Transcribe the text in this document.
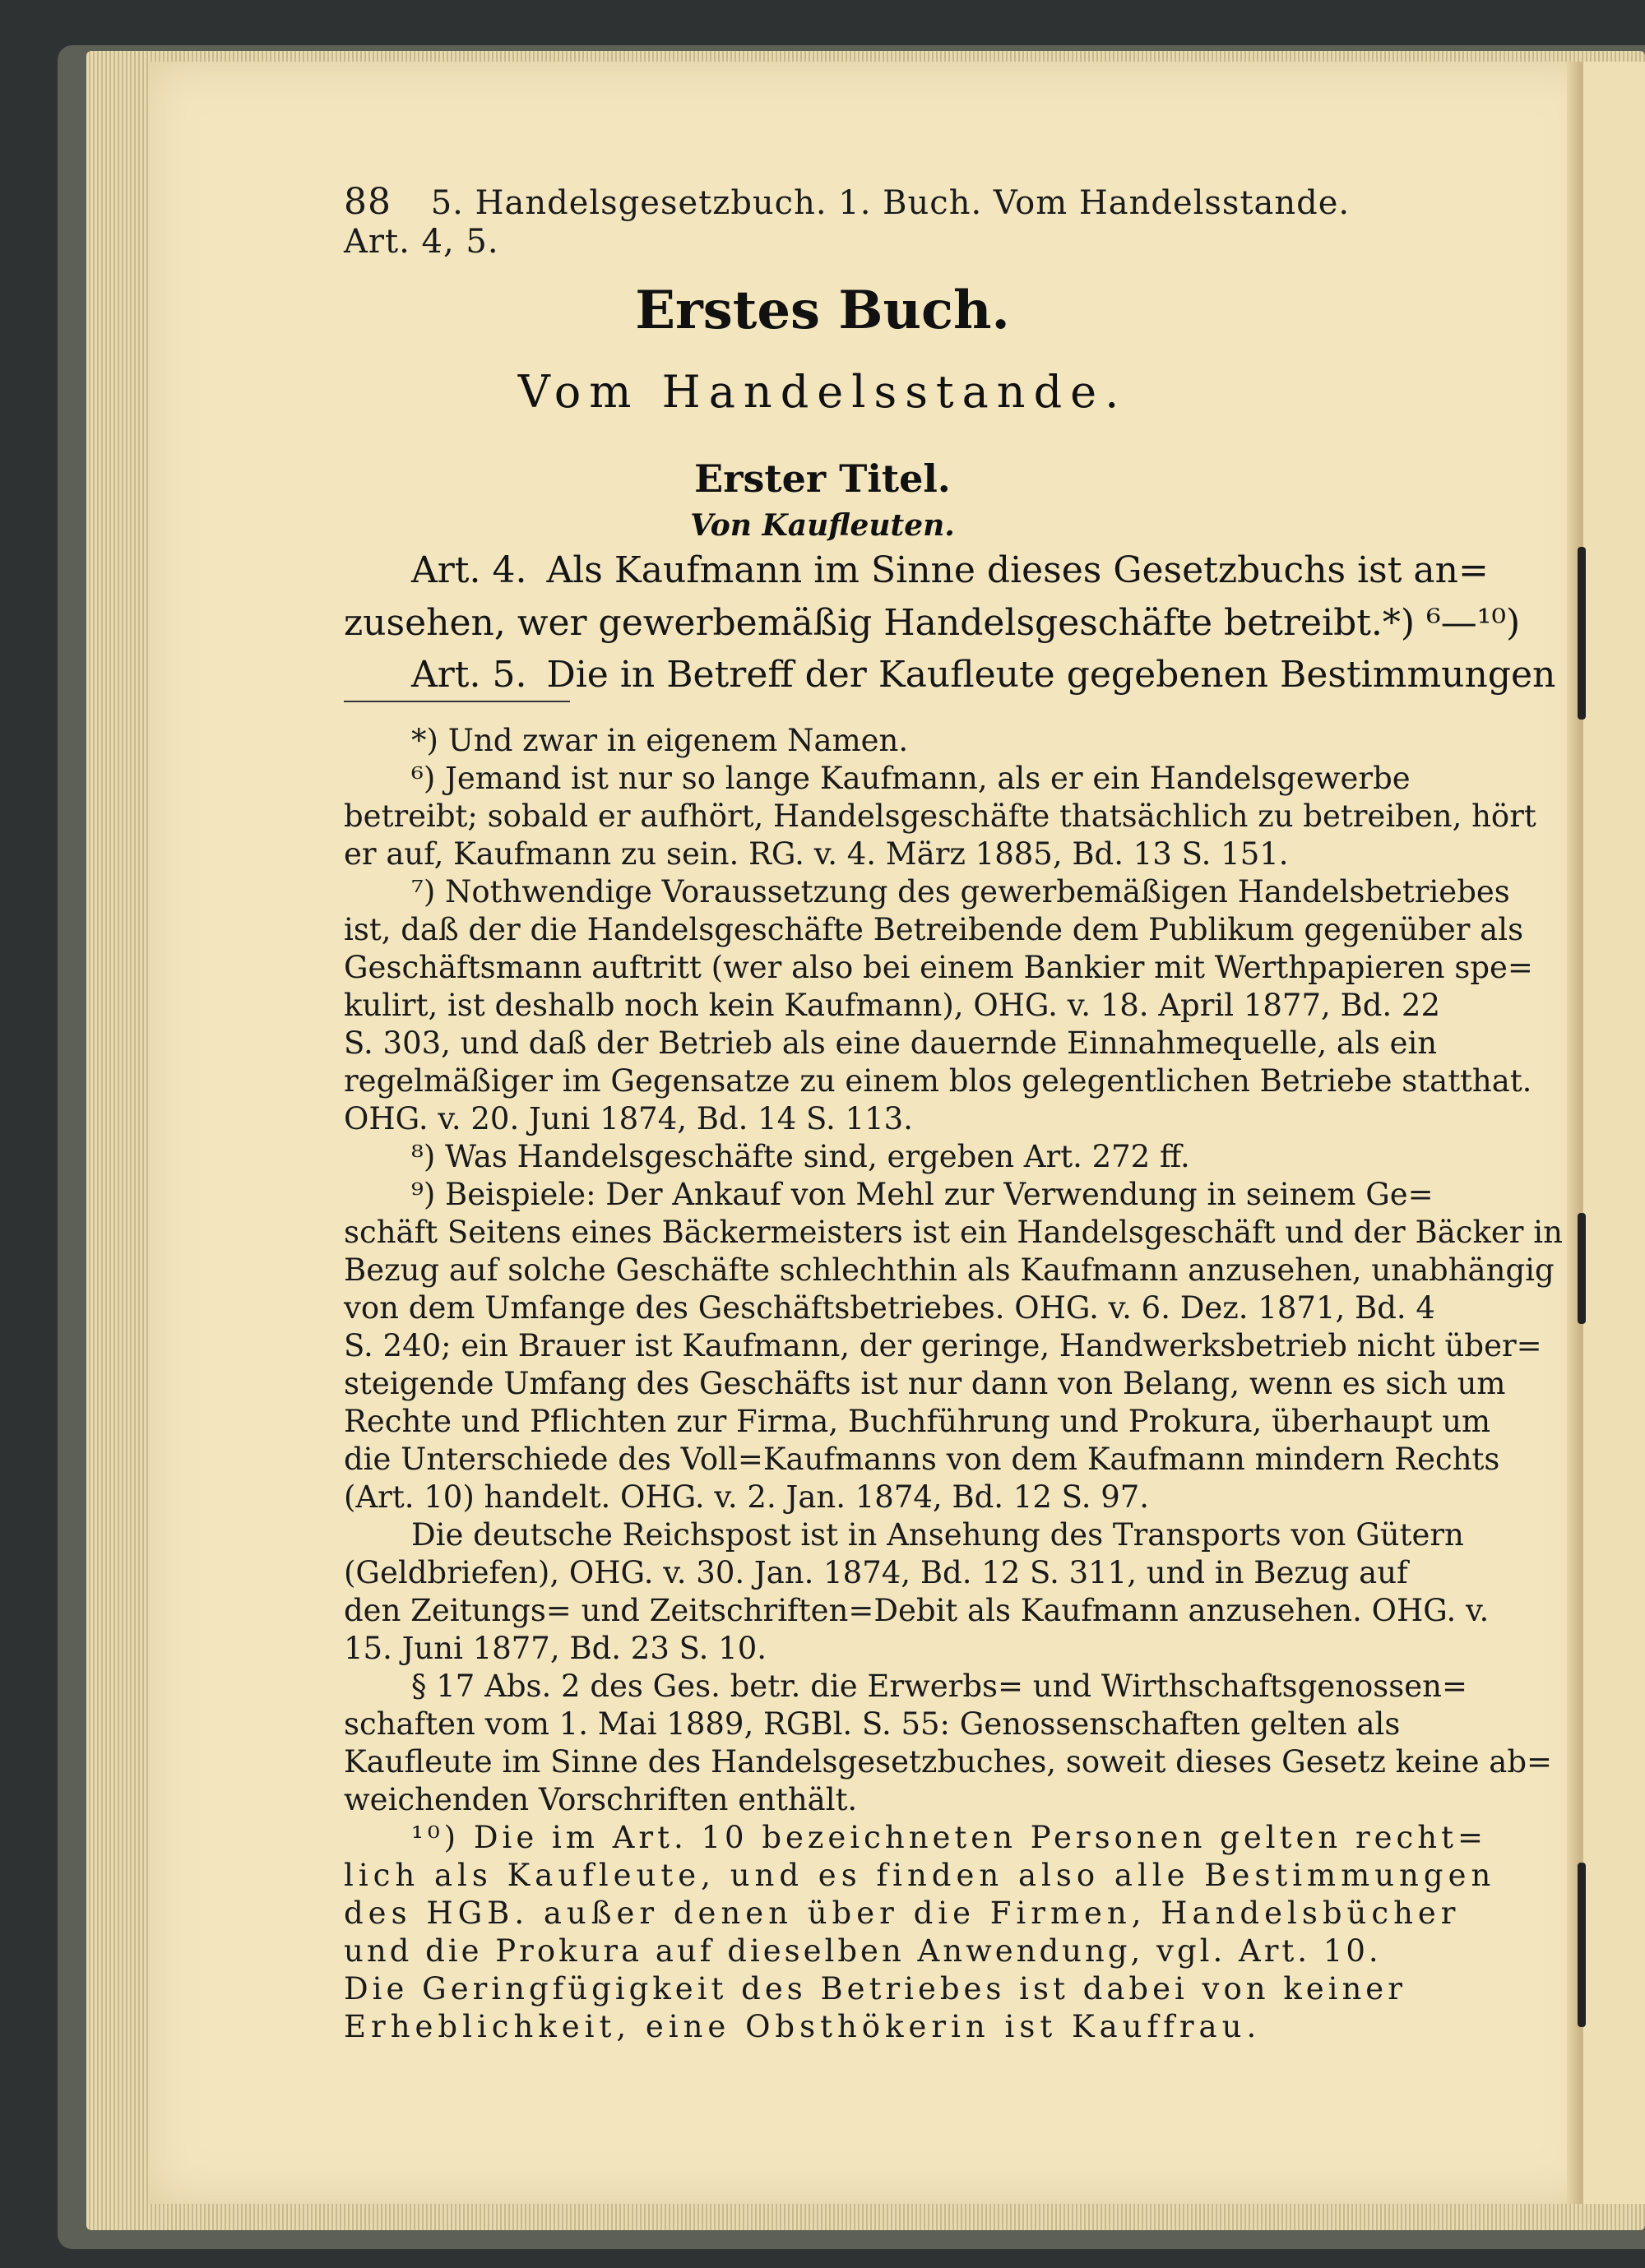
88 5. Handelsgesetzbuch. 1. Buch. Vom Handelsstande. Art. 4, 5.
Erstes Buch.
Vom Handelsstande.
Erster Titel.
Von Kaufleuten.
Art. 4. Als Kaufmann im Sinne dieses Gesetzbuchs ist an=
zusehen, wer gewerbemäßig Handelsgeschäfte betreibt.*) ⁶—¹⁰)
Art. 5. Die in Betreff der Kaufleute gegebenen Bestimmungen
*) Und zwar in eigenem Namen.
⁶) Jemand ist nur so lange Kaufmann, als er ein Handelsgewerbe
betreibt; sobald er aufhört, Handelsgeschäfte thatsächlich zu betreiben, hört
er auf, Kaufmann zu sein. RG. v. 4. März 1885, Bd. 13 S. 151.
⁷) Nothwendige Voraussetzung des gewerbemäßigen Handelsbetriebes
ist, daß der die Handelsgeschäfte Betreibende dem Publikum gegenüber als
Geschäftsmann auftritt (wer also bei einem Bankier mit Werthpapieren spe=
kulirt, ist deshalb noch kein Kaufmann), OHG. v. 18. April 1877, Bd. 22
S. 303, und daß der Betrieb als eine dauernde Einnahmequelle, als ein
regelmäßiger im Gegensatze zu einem blos gelegentlichen Betriebe statthat.
OHG. v. 20. Juni 1874, Bd. 14 S. 113.
⁸) Was Handelsgeschäfte sind, ergeben Art. 272 ff.
⁹) Beispiele: Der Ankauf von Mehl zur Verwendung in seinem Ge=
schäft Seitens eines Bäckermeisters ist ein Handelsgeschäft und der Bäcker in
Bezug auf solche Geschäfte schlechthin als Kaufmann anzusehen, unabhängig
von dem Umfange des Geschäftsbetriebes. OHG. v. 6. Dez. 1871, Bd. 4
S. 240; ein Brauer ist Kaufmann, der geringe, Handwerksbetrieb nicht über=
steigende Umfang des Geschäfts ist nur dann von Belang, wenn es sich um
Rechte und Pflichten zur Firma, Buchführung und Prokura, überhaupt um
die Unterschiede des Voll=Kaufmanns von dem Kaufmann mindern Rechts
(Art. 10) handelt. OHG. v. 2. Jan. 1874, Bd. 12 S. 97.
Die deutsche Reichspost ist in Ansehung des Transports von Gütern
(Geldbriefen), OHG. v. 30. Jan. 1874, Bd. 12 S. 311, und in Bezug auf
den Zeitungs= und Zeitschriften=Debit als Kaufmann anzusehen. OHG. v.
15. Juni 1877, Bd. 23 S. 10.
§ 17 Abs. 2 des Ges. betr. die Erwerbs= und Wirthschaftsgenossen=
schaften vom 1. Mai 1889, RGBl. S. 55: Genossenschaften gelten als
Kaufleute im Sinne des Handelsgesetzbuches, soweit dieses Gesetz keine ab=
weichenden Vorschriften enthält.
¹⁰) Die im Art. 10 bezeichneten Personen gelten recht=
lich als Kaufleute, und es finden also alle Bestimmungen
des HGB. außer denen über die Firmen, Handelsbücher
und die Prokura auf dieselben Anwendung, vgl. Art. 10.
Die Geringfügigkeit des Betriebes ist dabei von keiner
Erheblichkeit, eine Obsthökerin ist Kauffrau.
